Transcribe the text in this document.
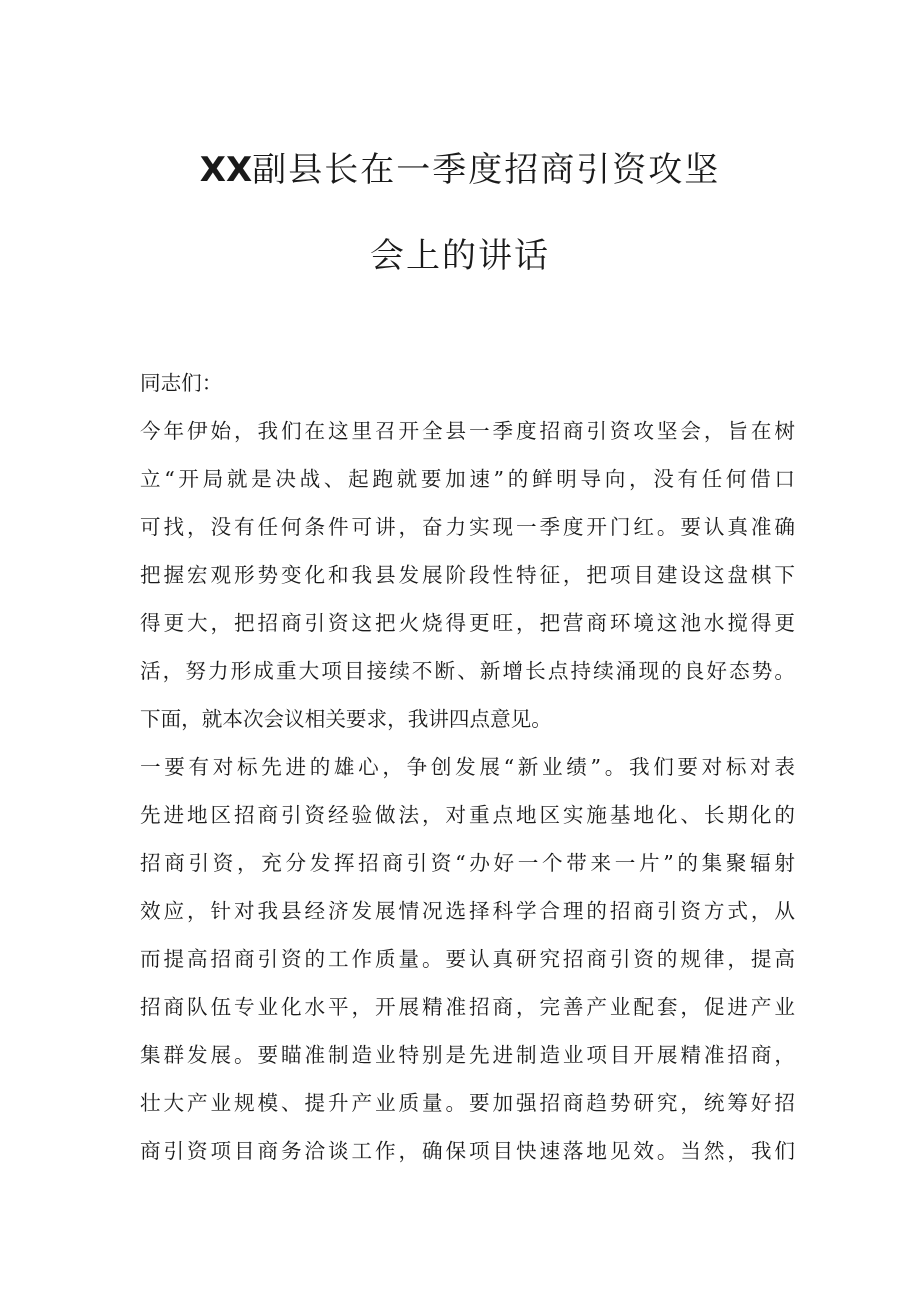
XX副县长在一季度招商引资攻坚
会上的讲话
同志们：
今年伊始，我们在这里召开全县一季度招商引资攻坚会，旨在树
立“开局就是决战、起跑就要加速”的鲜明导向，没有任何借口
可找，没有任何条件可讲，奋力实现一季度开门红。要认真准确
把握宏观形势变化和我县发展阶段性特征，把项目建设这盘棋下
得更大，把招商引资这把火烧得更旺，把营商环境这池水搅得更
活，努力形成重大项目接续不断、新增长点持续涌现的良好态势。
下面，就本次会议相关要求，我讲四点意见。
一要有对标先进的雄心，争创发展“新业绩”。我们要对标对表
先进地区招商引资经验做法，对重点地区实施基地化、长期化的
招商引资，充分发挥招商引资“办好一个带来一片”的集聚辐射
效应，针对我县经济发展情况选择科学合理的招商引资方式，从
而提高招商引资的工作质量。要认真研究招商引资的规律，提高
招商队伍专业化水平，开展精准招商，完善产业配套，促进产业
集群发展。要瞄准制造业特别是先进制造业项目开展精准招商，
壮大产业规模、提升产业质量。要加强招商趋势研究，统筹好招
商引资项目商务洽谈工作，确保项目快速落地见效。当然，我们
